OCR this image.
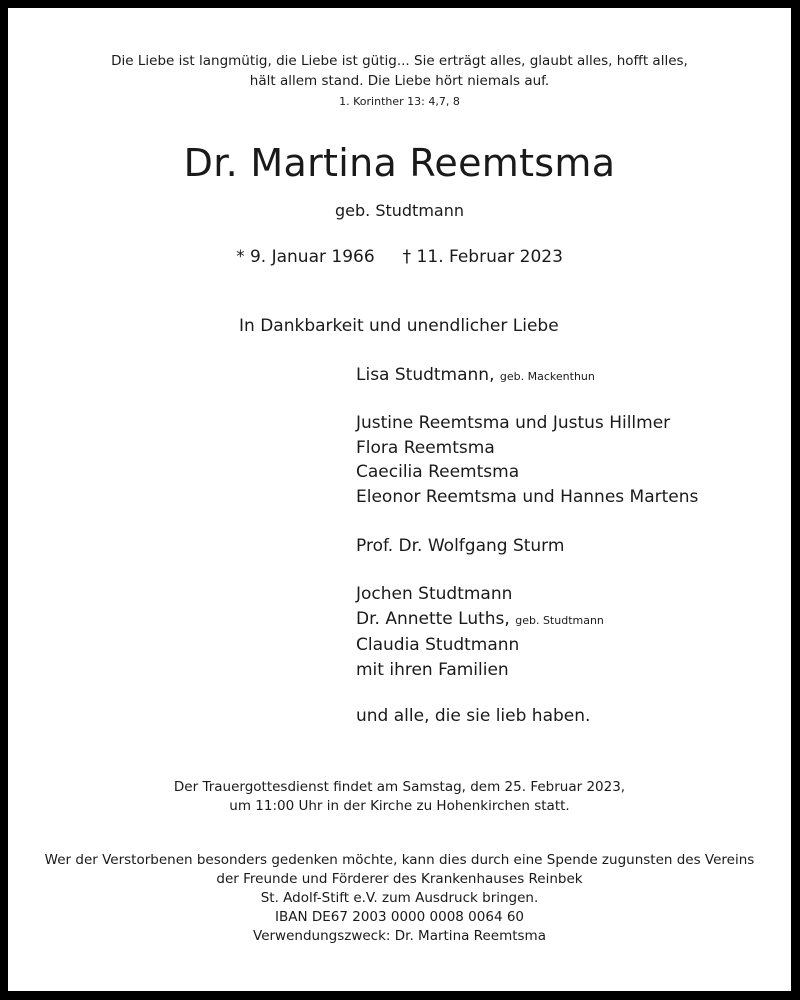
Die Liebe ist langmütig, die Liebe ist gütig... Sie erträgt alles, glaubt alles, hofft alles,
hält allem stand. Die Liebe hört niemals auf.
1. Korinther 13: 4,7, 8
Dr. Martina Reemtsma
geb. Studtmann
* 9. Januar 1966 † 11. Februar 2023
In Dankbarkeit und unendlicher Liebe
Lisa Studtmann, geb. Mackenthun
Justine Reemtsma und Justus Hillmer
Flora Reemtsma
Caecilia Reemtsma
Eleonor Reemtsma und Hannes Martens
Prof. Dr. Wolfgang Sturm
Jochen Studtmann
Dr. Annette Luths, geb. Studtmann
Claudia Studtmann
mit ihren Familien
und alle, die sie lieb haben.
Der Trauergottesdienst findet am Samstag, dem 25. Februar 2023,
um 11:00 Uhr in der Kirche zu Hohenkirchen statt.
Wer der Verstorbenen besonders gedenken möchte, kann dies durch eine Spende zugunsten des Vereins
der Freunde und Förderer des Krankenhauses Reinbek
St. Adolf-Stift e.V. zum Ausdruck bringen.
IBAN DE67 2003 0000 0008 0064 60
Verwendungszweck: Dr. Martina Reemtsma
